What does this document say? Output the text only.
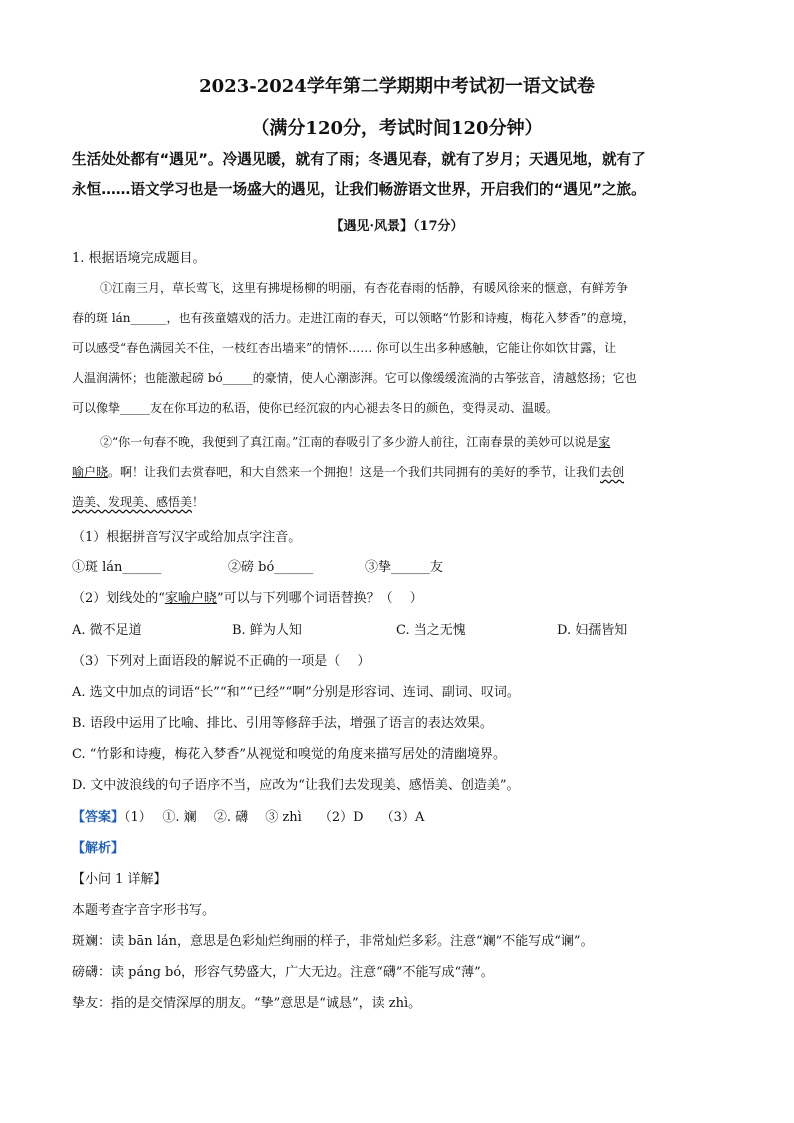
2023-2024学年第二学期期中考试初一语文试卷
（满分120分，考试时间120分钟）
生活处处都有“遇见”。冷遇见暖，就有了雨；冬遇见春，就有了岁月；天遇见地，就有了
永恒……语文学习也是一场盛大的遇见，让我们畅游语文世界，开启我们的“遇见”之旅。
【遇见·风景】（17分）
1. 根据语境完成题目。
①江南三月，草长莺飞，这里有拂堤杨柳的明丽，有杏花春雨的恬静，有暖风徐来的惬意，有鲜芳争
春的斑 lán______，也有孩童嬉戏的活力。走进江南的春天，可以领略“竹影和诗瘦，梅花入梦香”的意境，
可以感受“春色满园关不住，一枝红杏出墙来”的情怀…… 你可以生出多种感触，它能让你如饮甘露，让
人温润满怀；也能激起磅 bó_____的豪情，使人心潮澎湃。它可以像缓缓流淌的古筝弦音，清越悠扬；它也
可以像挚_____友在你耳边的私语，使你已经沉寂的内心褪去冬日的颜色，变得灵动、温暖。
②“你一句春不晚，我便到了真江南。”江南的春吸引了多少游人前往，江南春景的美妙可以说是家
喻户晓。啊！让我们去赏春吧，和大自然来一个拥抱！这是一个我们共同拥有的美好的季节，让我们去创
造美、发现美、感悟美！
（1）根据拼音写汉字或给加点字注音。
①斑 lán______	②磅 bó______	③挚______友
（2）划线处的“家喻户晓”可以与下列哪个词语替换？（　 ）
A. 微不足道	B. 鲜为人知	C. 当之无愧	D. 妇孺皆知
（3）下列对上面语段的解说不正确的一项是（　 ）
A. 选文中加点的词语“长”“和”“已经”“啊”分别是形容词、连词、副词、叹词。
B. 语段中运用了比喻、排比、引用等修辞手法，增强了语言的表达效果。
C. “竹影和诗瘦，梅花入梦香”从视觉和嗅觉的角度来描写居处的清幽境界。
D. 文中波浪线的句子语序不当，应改为“让我们去发现美、感悟美、创造美”。
【答案】（1）　 ①. 斓　 ②. 礴　 ③ zhì　 （2）D　 （3）A
【解析】
【小问 1 详解】
本题考查字音字形书写。
斑斓：读 bān lán，意思是色彩灿烂绚丽的样子，非常灿烂多彩。注意“斓”不能写成“谰”。
磅礴：读 páng bó，形容气势盛大，广大无边。注意“礴”不能写成“薄”。
挚友：指的是交情深厚的朋友。“挚”意思是“诚恳”，读 zhì。
